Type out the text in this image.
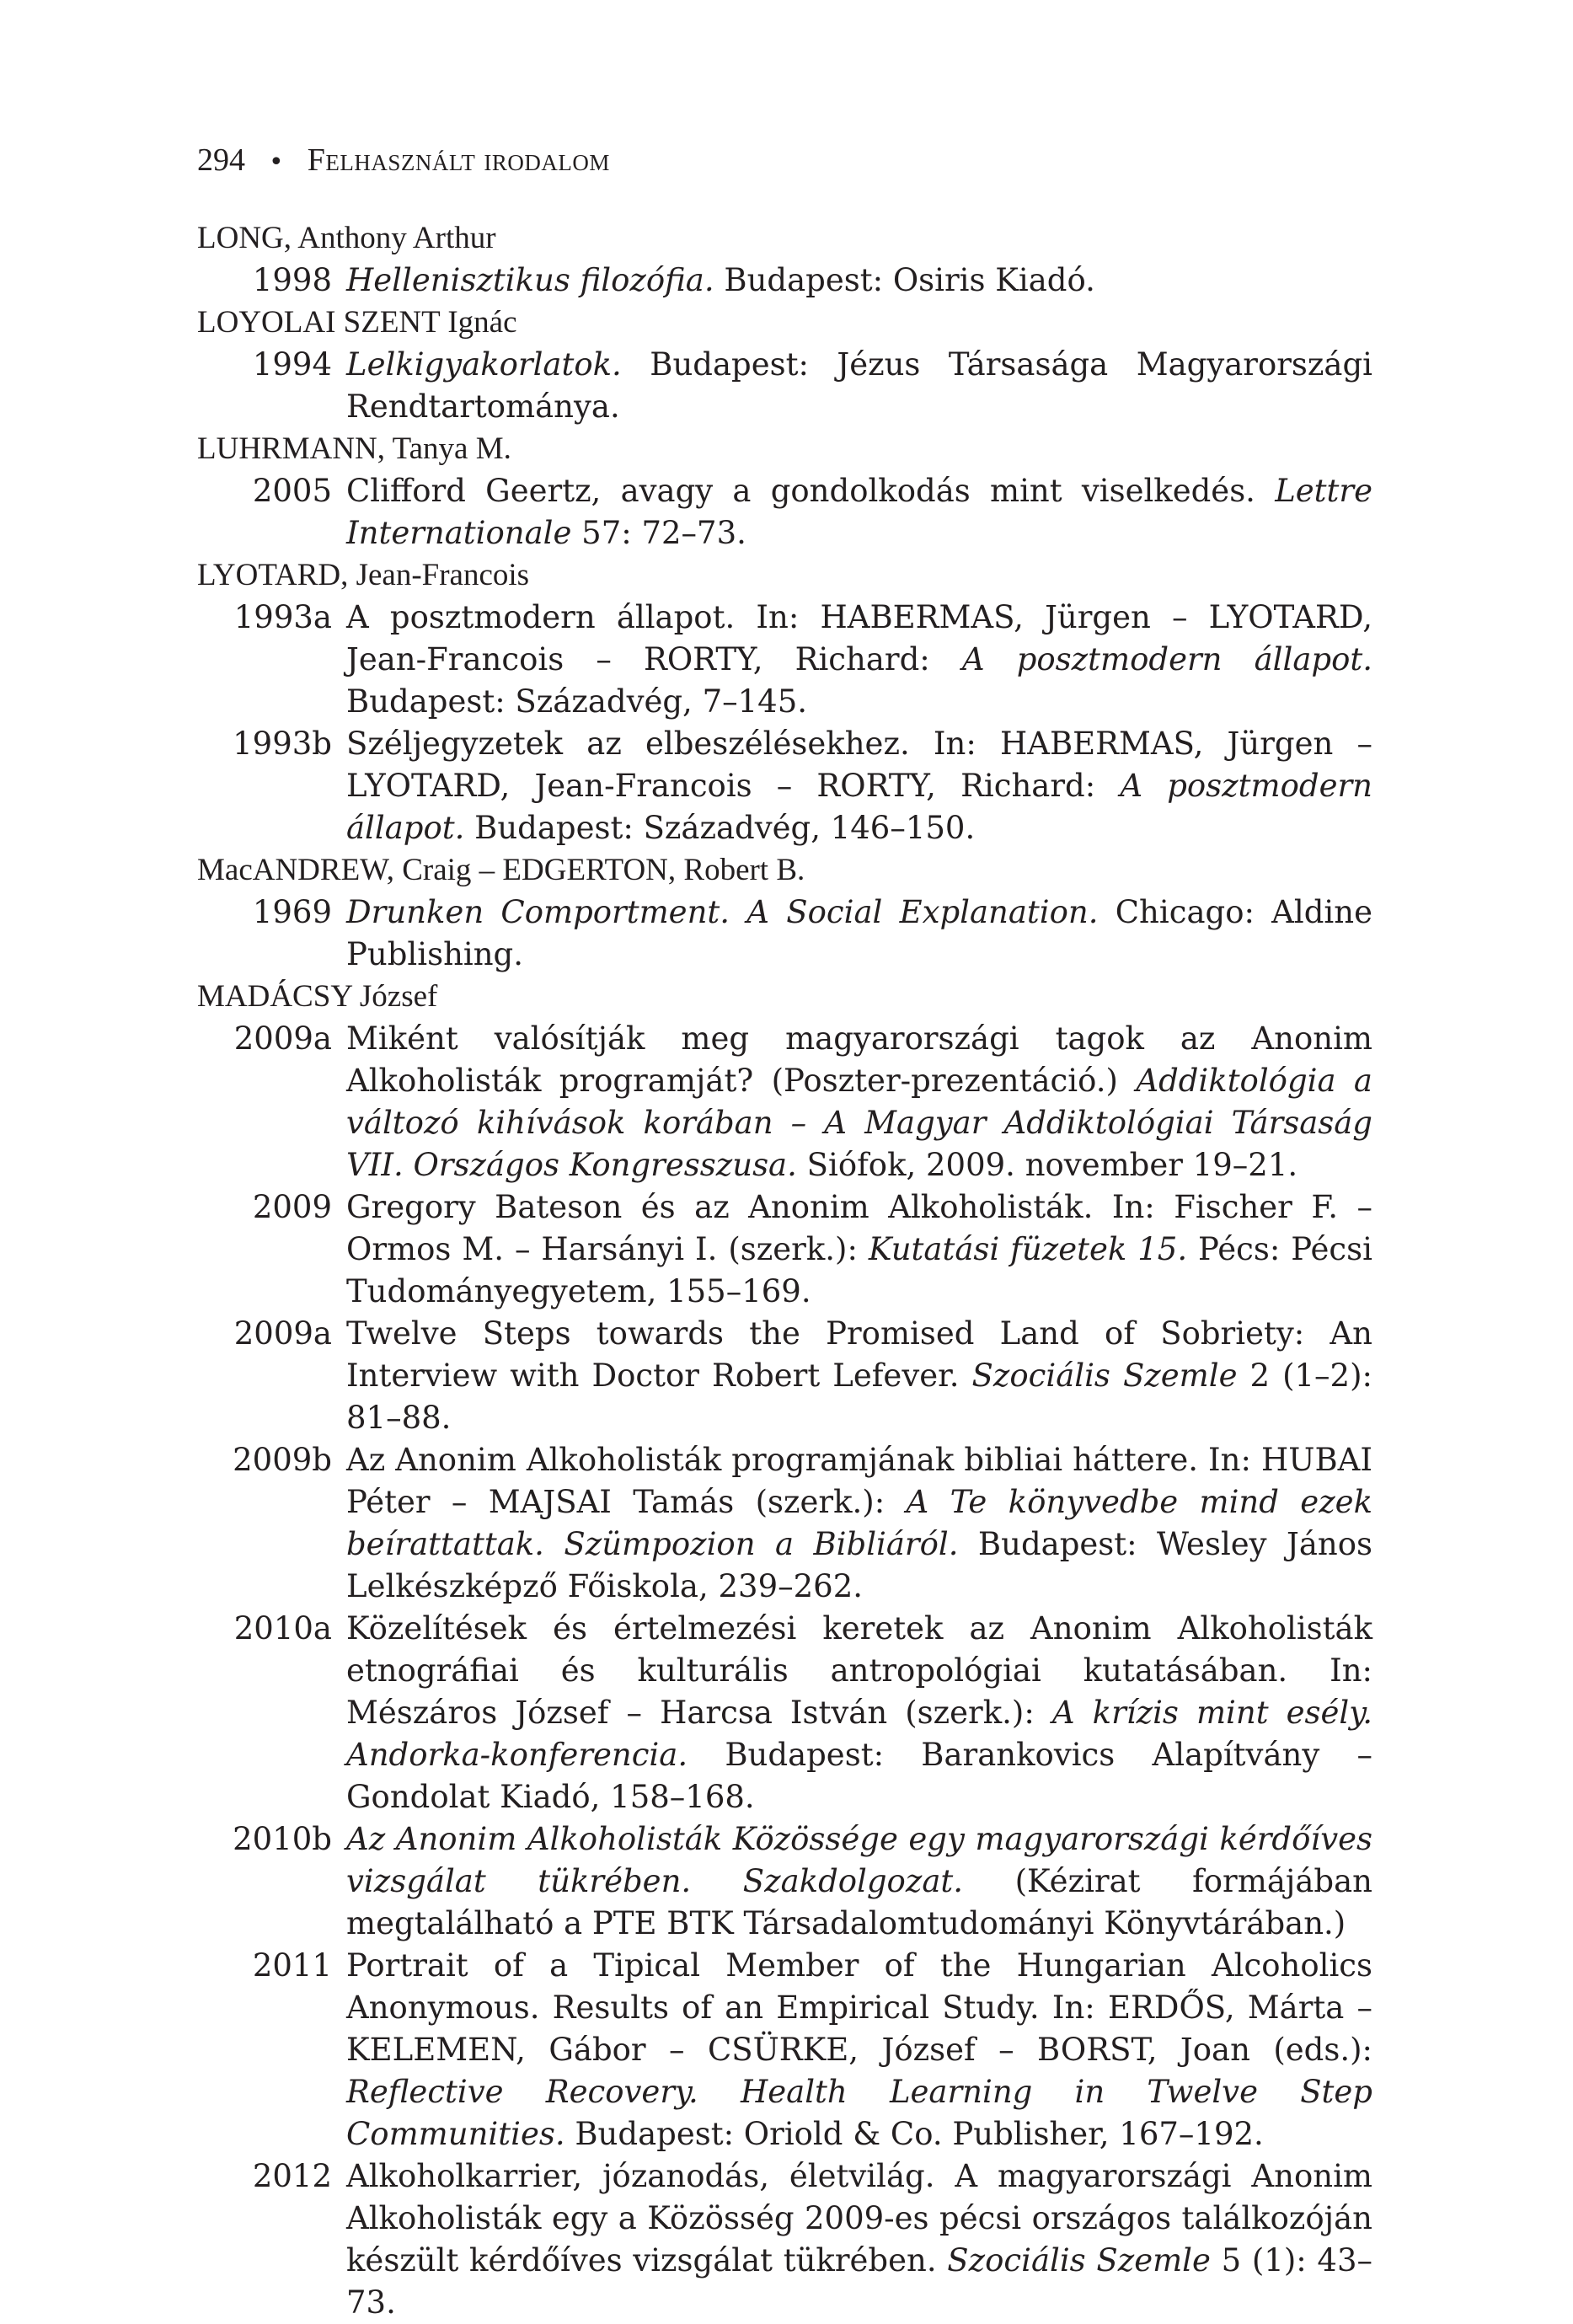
294 • Felhasznált irodalom
LONG, Anthony Arthur
1998 Hellenisztikus filozófia. Budapest: Osiris Kiadó.
LOYOLAI SZENT Ignác
1994 Lelkigyakorlatok. Budapest: Jézus Társasága Magyarországi Rendtartománya.
LUHRMANN, Tanya M.
2005 Clifford Geertz, avagy a gondolkodás mint viselkedés. Lettre Internationale 57: 72–73.
LYOTARD, Jean-Francois
1993a A posztmodern állapot. In: HABERMAS, Jürgen – LYOTARD, Jean-Francois – RORTY, Richard: A posztmodern állapot. Budapest: Századvég, 7–145.
1993b Széljegyzetek az elbeszélésekhez. In: HABERMAS, Jürgen – LYOTARD, Jean-Francois – RORTY, Richard: A posztmodern állapot. Budapest: Századvég, 146–150.
MacANDREW, Craig – EDGERTON, Robert B.
1969 Drunken Comportment. A Social Explanation. Chicago: Aldine Publishing.
MADÁCSY József
2009a Miként valósítják meg magyarországi tagok az Anonim Alkoholisták programját? (Poszter-prezentáció.) Addiktológia a változó kihívások korában – A Magyar Addiktológiai Társaság VII. Országos Kongresszusa. Siófok, 2009. november 19–21.
2009 Gregory Bateson és az Anonim Alkoholisták. In: Fischer F. – Ormos M. – Harsányi I. (szerk.): Kutatási füzetek 15. Pécs: Pécsi Tudományegyetem, 155–169.
2009a Twelve Steps towards the Promised Land of Sobriety: An Interview with Doctor Robert Lefever. Szociális Szemle 2 (1–2): 81–88.
2009b Az Anonim Alkoholisták programjának bibliai háttere. In: HUBAI Péter – MAJSAI Tamás (szerk.): A Te könyvedbe mind ezek beírattattak. Szümpozion a Bibliáról. Budapest: Wesley János Lelkészképző Főiskola, 239–262.
2010a Közelítések és értelmezési keretek az Anonim Alkoholisták etnográfiai és kulturális antropológiai kutatásában. In: Mészáros József – Harcsa István (szerk.): A krízis mint esély. Andorka-konferencia. Budapest: Barankovics Alapítvány – Gondolat Kiadó, 158–168.
2010b Az Anonim Alkoholisták Közössége egy magyarországi kérdőíves vizsgálat tükrében. Szakdolgozat. (Kézirat formájában megtalálható a PTE BTK Társadalomtudományi Könyvtárában.)
2011 Portrait of a Tipical Member of the Hungarian Alcoholics Anonymous. Results of an Empirical Study. In: ERDŐS, Márta – KELEMEN, Gábor – CSÜRKE, József – BORST, Joan (eds.): Reflective Recovery. Health Learning in Twelve Step Communities. Budapest: Oriold & Co. Publisher, 167–192.
2012 Alkoholkarrier, józanodás, életvilág. A magyarországi Anonim Alkoholisták egy a Közösség 2009-es pécsi országos találkozóján készült kérdőíves vizsgálat tükrében. Szociális Szemle 5 (1): 43–73.
